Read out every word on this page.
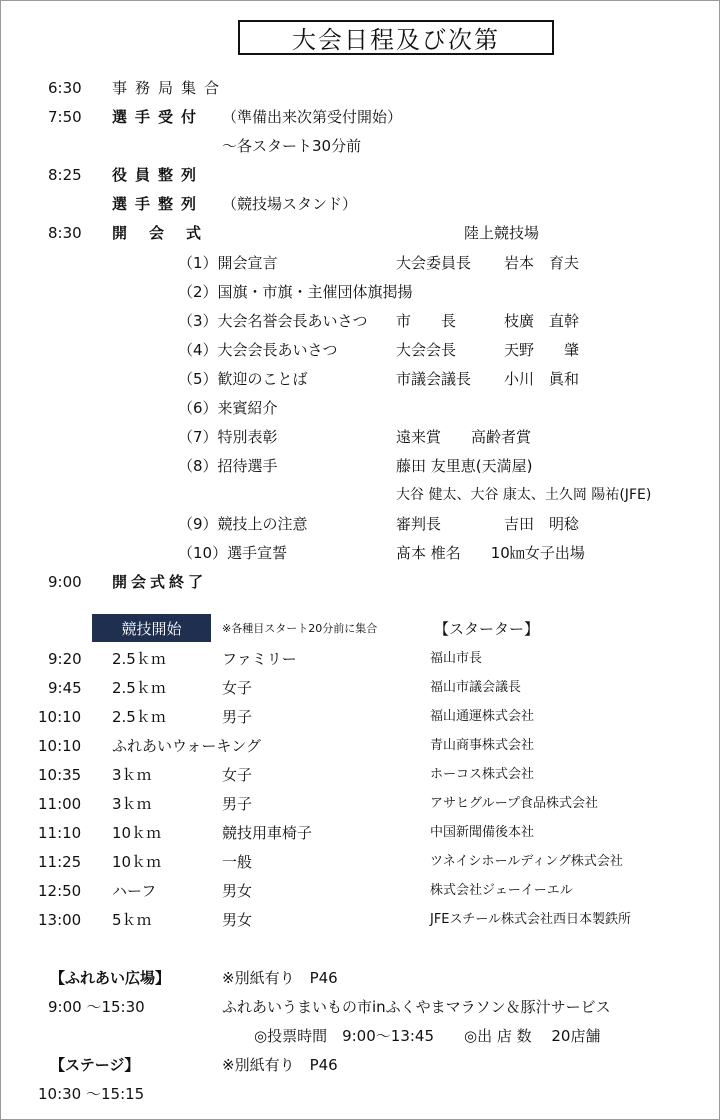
大会日程及び次第
6:30 事務局集合
7:50 選手受付 （準備出来次第受付開始）
～各スタート30分前
8:25 役員整列
選手整列 （競技場スタンド）
8:30 開会式	陸上競技場
（1）開会宣言	大会委員長 岩本　育夫
（2）国旗・市旗・主催団体旗掲揚
（3）大会名誉会長あいさつ 市　　長	枝廣　直幹
（4）大会会長あいさつ	大会会長	天野　　肇
（5）歓迎のことば	市議会議長 小川　眞和
（6）来賓紹介
（7）特別表彰	遠来賞　　高齢者賞
（8）招待選手	藤田 友里恵(天満屋)
大谷 健太、大谷 康太、土久岡 陽祐(JFE)
（9）競技上の注意	審判長	吉田　明稔
（10）選手宣誓	髙本 椎名　　10㎞女子出場
9:00 開会式終了
競技開始	※各種目スタート20分前に集合	【スターター】
9:20 2.5ｋｍ	ファミリー	福山市長
9:45 2.5ｋｍ	女子	福山市議会議長
10:10 2.5ｋｍ	男子	福山通運株式会社
10:10 ふれあいウォーキング	青山商事株式会社
10:35 3ｋｍ	女子	ホーコス株式会社
11:00 3ｋｍ	男子	アサヒグループ食品株式会社
11:10 10ｋｍ	競技用車椅子	中国新聞備後本社
11:25 10ｋｍ	一般	ツネイシホールディング株式会社
12:50 ハーフ	男女	株式会社ジェーイーエル
13:00 5ｋｍ	男女	JFEスチール株式会社西日本製鉄所
【ふれあい広場】	※別紙有り　P46
9:00 ～15:30	ふれあいうまいもの市inふくやまマラソン＆豚汁サービス
◎投票時間　9:00～13:45　　◎出 店 数　 20店舗
【ステージ】	※別紙有り　P46
10:30 ～15:15
